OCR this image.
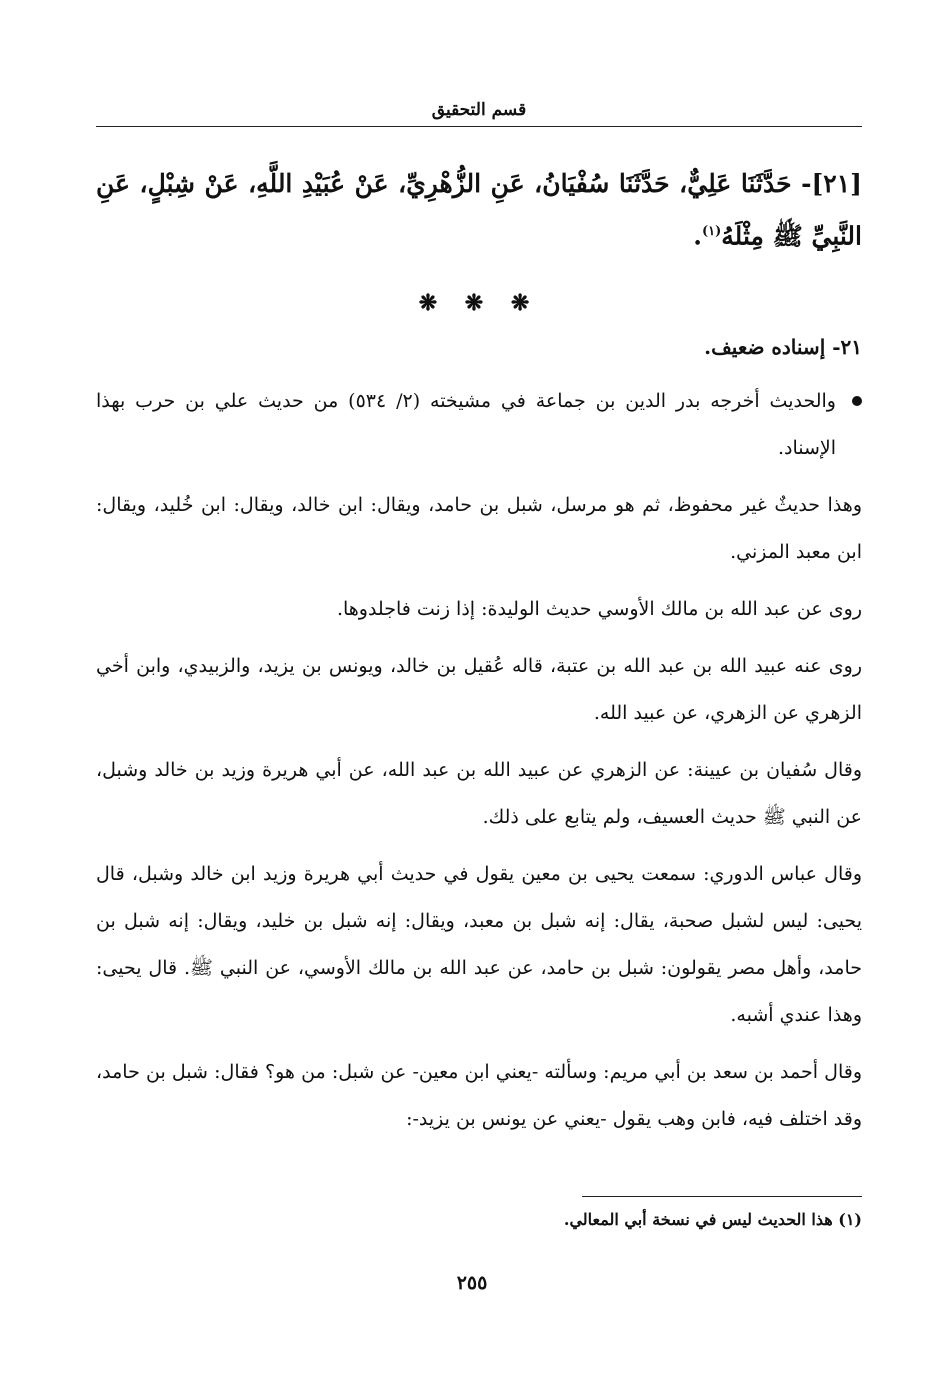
قسم التحقيق

[٢١]- حَدَّثَنَا عَلِيٌّ، حَدَّثَنَا سُفْيَانُ، عَنِ الزُّهْرِيِّ، عَنْ عُبَيْدِ اللَّهِ، عَنْ شِبْلٍ، عَنِ النَّبِيِّ ﷺ مِثْلَهُ$^{(١)}$.

❋ ❋ ❋

٢١- إسناده ضعيف.

والحديث أخرجه بدر الدين بن جماعة في مشيخته (٢/ ٥٣٤) من حديث علي بن حرب بهذا الإسناد.

وهذا حديثٌ غير محفوظ، ثم هو مرسل، شبل بن حامد، ويقال: ابن خالد، ويقال: ابن خُليد، ويقال: ابن معبد المزني.

روى عن عبد الله بن مالك الأوسي حديث الوليدة: إذا زنت فاجلدوها.

روى عنه عبيد الله بن عبد الله بن عتبة، قاله عُقيل بن خالد، ويونس بن يزيد، والزبيدي، وابن أخي الزهري عن الزهري، عن عبيد الله.

وقال سُفيان بن عيينة: عن الزهري عن عبيد الله بن عبد الله، عن أبي هريرة وزيد بن خالد وشبل، عن النبي ﷺ حديث العسيف، ولم يتابع على ذلك.

وقال عباس الدوري: سمعت يحيى بن معين يقول في حديث أبي هريرة وزيد ابن خالد وشبل، قال يحيى: ليس لشبل صحبة، يقال: إنه شبل بن معبد، ويقال: إنه شبل بن خليد، ويقال: إنه شبل بن حامد، وأهل مصر يقولون: شبل بن حامد، عن عبد الله بن مالك الأوسي، عن النبي ﷺ. قال يحيى: وهذا عندي أشبه.

وقال أحمد بن سعد بن أبي مريم: وسألته -يعني ابن معين- عن شبل: من هو؟ فقال: شبل بن حامد، وقد اختلف فيه، فابن وهب يقول -يعني عن يونس بن يزيد-:

(١) هذا الحديث ليس في نسخة أبي المعالي.
٢٥٥
